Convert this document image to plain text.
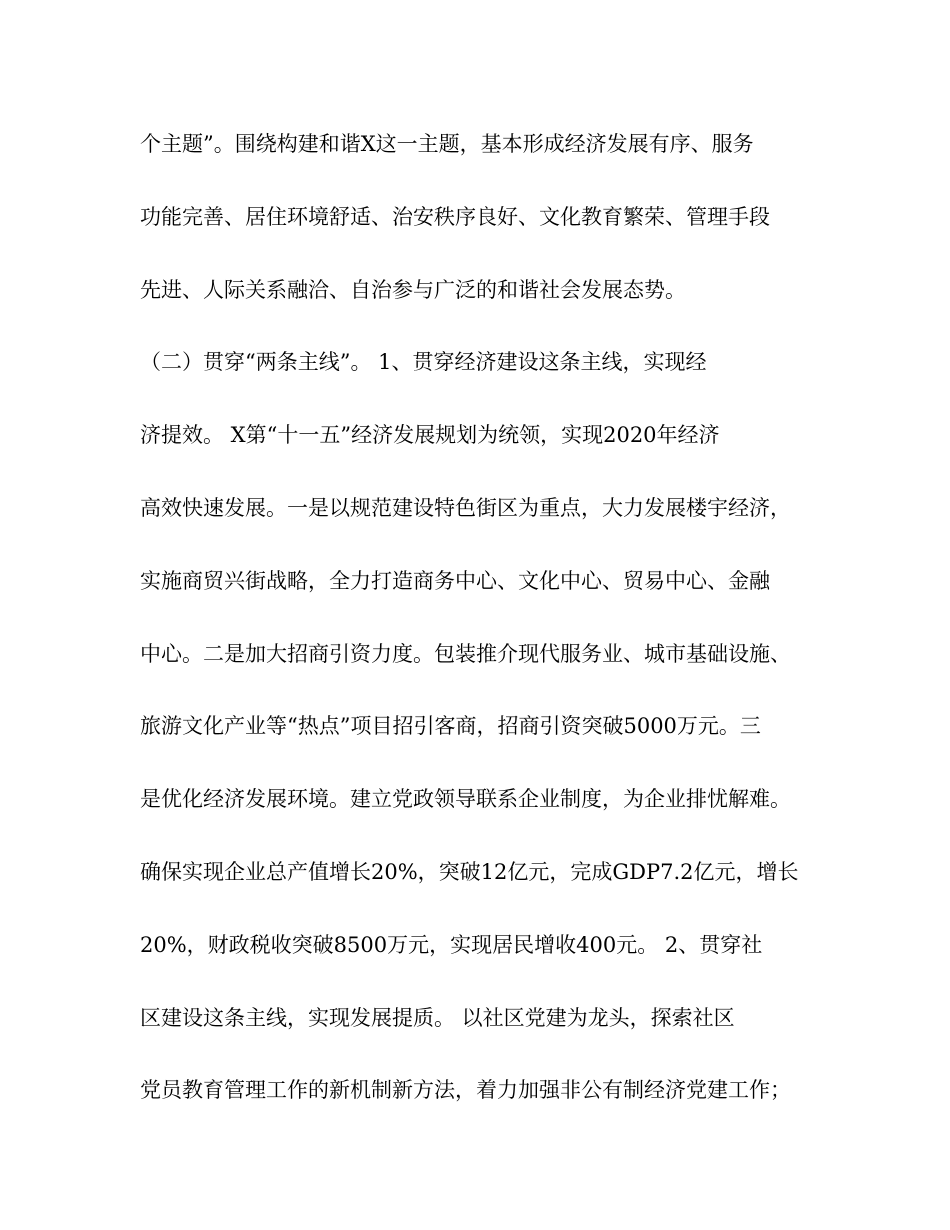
个主题”。围绕构建和谐X这一主题，基本形成经济发展有序、服务
功能完善、居住环境舒适、治安秩序良好、文化教育繁荣、管理手段
先进、人际关系融洽、自治参与广泛的和谐社会发展态势。
（二）贯穿“两条主线”。 1、贯穿经济建设这条主线，实现经
济提效。 X第“十一五”经济发展规划为统领，实现2020年经济
高效快速发展。一是以规范建设特色街区为重点，大力发展楼宇经济，
实施商贸兴街战略，全力打造商务中心、文化中心、贸易中心、金融
中心。二是加大招商引资力度。包装推介现代服务业、城市基础设施、
旅游文化产业等“热点”项目招引客商，招商引资突破5000万元。三
是优化经济发展环境。建立党政领导联系企业制度，为企业排忧解难。
确保实现企业总产值增长20%，突破12亿元，完成GDP7.2亿元，增长
20%，财政税收突破8500万元，实现居民增收400元。 2、贯穿社
区建设这条主线，实现发展提质。 以社区党建为龙头，探索社区
党员教育管理工作的新机制新方法，着力加强非公有制经济党建工作；
